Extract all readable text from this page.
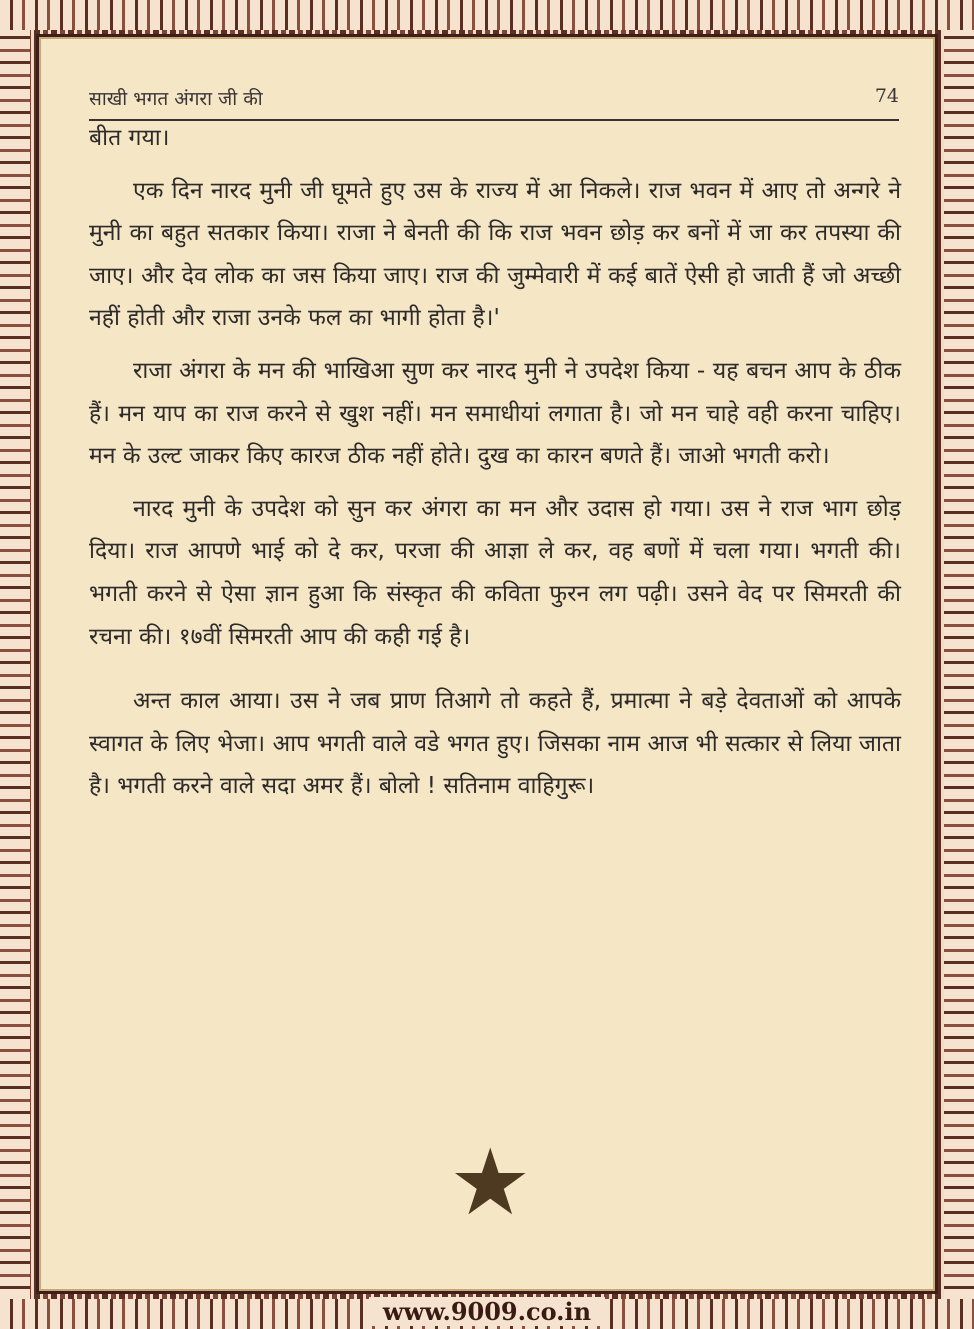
साखी भगत अंगरा जी की	74

बीत गया।

एक दिन नारद मुनी जी घूमते हुए उस के राज्य में आ निकले। राज भवन में आए तो अन्गरे ने मुनी का बहुत सतकार किया। राजा ने बेनती की कि राज भवन छोड़ कर बनों में जा कर तपस्या की जाए। और देव लोक का जस किया जाए। राज की जुम्मेवारी में कई बातें ऐसी हो जाती हैं जो अच्छी नहीं होती और राजा उनके फल का भागी होता है।'

राजा अंगरा के मन की भाखिआ सुण कर नारद मुनी ने उपदेश किया - यह बचन आप के ठीक हैं। मन याप का राज करने से खुश नहीं। मन समाधीयां लगाता है। जो मन चाहे वही करना चाहिए। मन के उल्ट जाकर किए कारज ठीक नहीं होते। दुख का कारन बणते हैं। जाओ भगती करो।

नारद मुनी के उपदेश को सुन कर अंगरा का मन और उदास हो गया। उस ने राज भाग छोड़ दिया। राज आपणे भाई को दे कर, परजा की आज्ञा ले कर, वह बणों में चला गया। भगती की। भगती करने से ऐसा ज्ञान हुआ कि संस्कृत की कविता फुरन लग पढ़ी। उसने वेद पर सिमरती की रचना की। १७वीं सिमरती आप की कही गई है।

अन्त काल आया। उस ने जब प्राण तिआगे तो कहते हैं, प्रमात्मा ने बड़े देवताओं को आपके स्वागत के लिए भेजा। आप भगती वाले वडे भगत हुए। जिसका नाम आज भी सत्कार से लिया जाता है। भगती करने वाले सदा अमर हैं। बोलो ! सतिनाम वाहिगुरू।

★
www.9009.co.in
